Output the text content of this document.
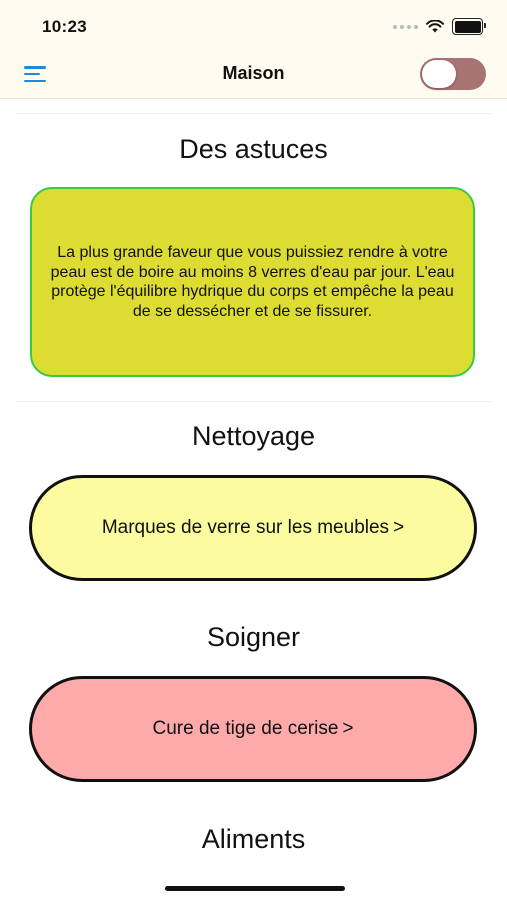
10:23
Maison
Des astuces

La plus grande faveur que vous puissiez rendre à votre peau est de boire au moins 8 verres d'eau par jour. L'eau protège l'équilibre hydrique du corps et empêche la peau de se dessécher et de se fissurer.

Nettoyage
Marques de verre sur les meubles >
Soigner
Cure de tige de cerise >
Aliments
